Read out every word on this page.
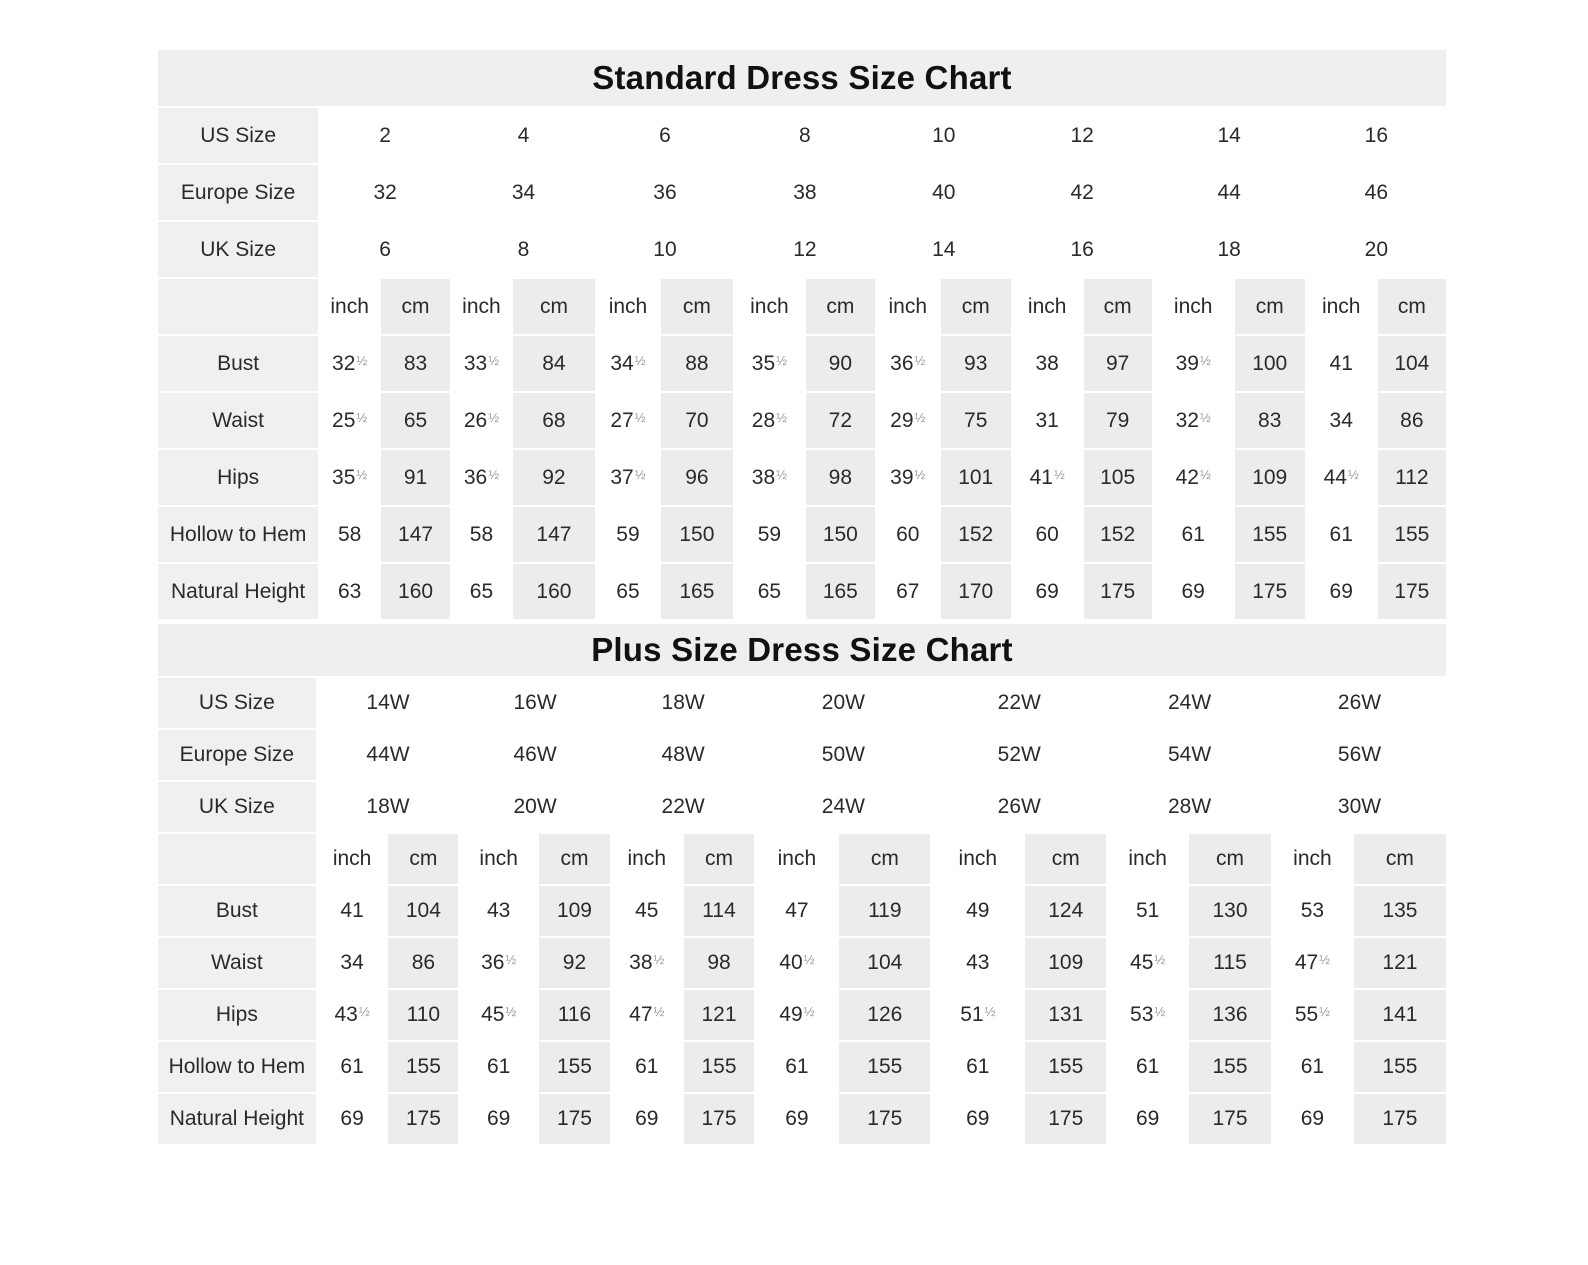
Standard Dress Size Chart																
US Size	2		4		6		8		10		12		14		16	
Europe Size	32		34		36		38		40		42		44		46	
UK Size	6		8		10		12		14		16		18		20	
	inch	cm	inch	cm	inch	cm	inch	cm	inch	cm	inch	cm	inch	cm	inch	cm
Bust	$32^{\frac{1}{2}}$	83	$33^{\frac{1}{2}}$	84	$34^{\frac{1}{2}}$	88	$35^{\frac{1}{2}}$	90	$36^{\frac{1}{2}}$	93	38	97	$39^{\frac{1}{2}}$	100	41	104
Waist	$25^{\frac{1}{2}}$	65	$26^{\frac{1}{2}}$	68	$27^{\frac{1}{2}}$	70	$28^{\frac{1}{2}}$	72	$29^{\frac{1}{2}}$	75	31	79	$32^{\frac{1}{2}}$	83	34	86
Hips	$35^{\frac{1}{2}}$	91	$36^{\frac{1}{2}}$	92	$37^{\frac{1}{2}}$	96	$38^{\frac{1}{2}}$	98	$39^{\frac{1}{2}}$	101	$41^{\frac{1}{2}}$	105	$42^{\frac{1}{2}}$	109	$44^{\frac{1}{2}}$	112
Hollow to Hem	58	147	58	147	59	150	59	150	60	152	60	152	61	155	61	155
Natural Height	63	160	65	160	65	165	65	165	67	170	69	175	69	175	69	175
Plus Size Dress Size Chart														
US Size	14W		16W		18W		20W		22W		24W		26W	
Europe Size	44W		46W		48W		50W		52W		54W		56W	
UK Size	18W		20W		22W		24W		26W		28W		30W	
	inch	cm	inch	cm	inch	cm	inch	cm	inch	cm	inch	cm	inch	cm
Bust	41	104	43	109	45	114	47	119	49	124	51	130	53	135
Waist	34	86	$36^{\frac{1}{2}}$	92	$38^{\frac{1}{2}}$	98	$40^{\frac{1}{2}}$	104	43	109	$45^{\frac{1}{2}}$	115	$47^{\frac{1}{2}}$	121
Hips	$43^{\frac{1}{2}}$	110	$45^{\frac{1}{2}}$	116	$47^{\frac{1}{2}}$	121	$49^{\frac{1}{2}}$	126	$51^{\frac{1}{2}}$	131	$53^{\frac{1}{2}}$	136	$55^{\frac{1}{2}}$	141
Hollow to Hem	61	155	61	155	61	155	61	155	61	155	61	155	61	155
Natural Height	69	175	69	175	69	175	69	175	69	175	69	175	69	175
